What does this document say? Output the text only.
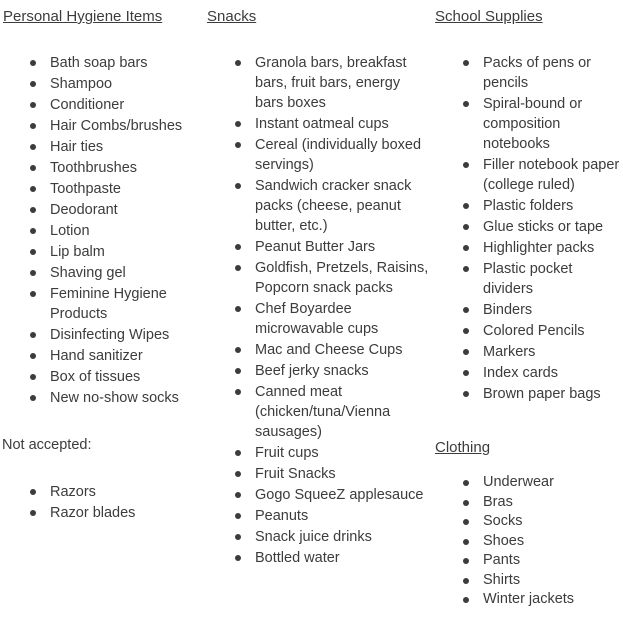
Personal Hygiene Items
Bath soap bars
Shampoo
Conditioner
Hair Combs/brushes
Hair ties
Toothbrushes
Toothpaste
Deodorant
Lotion
Lip balm
Shaving gel
Feminine Hygiene Products
Disinfecting Wipes
Hand sanitizer
Box of tissues
New no-show socks

Not accepted:

Razors
Razor blades
Snacks
Granola bars, breakfast bars, fruit bars, energy bars boxes
Instant oatmeal cups
Cereal (individually boxed servings)
Sandwich cracker snack packs (cheese, peanut butter, etc.)
Peanut Butter Jars
Goldfish, Pretzels, Raisins, Popcorn snack packs
Chef Boyardee microwavable cups
Mac and Cheese Cups
Beef jerky snacks
Canned meat (chicken/tuna/Vienna sausages)
Fruit cups
Fruit Snacks
Gogo SqueeZ applesauce
Peanuts
Snack juice drinks
Bottled water
School Supplies
Packs of pens or pencils
Spiral-bound or composition notebooks
Filler notebook paper (college ruled)
Plastic folders
Glue sticks or tape
Highlighter packs
Plastic pocket dividers
Binders
Colored Pencils
Markers
Index cards
Brown paper bags
Clothing
Underwear
Bras
Socks
Shoes
Pants
Shirts
Winter jackets
